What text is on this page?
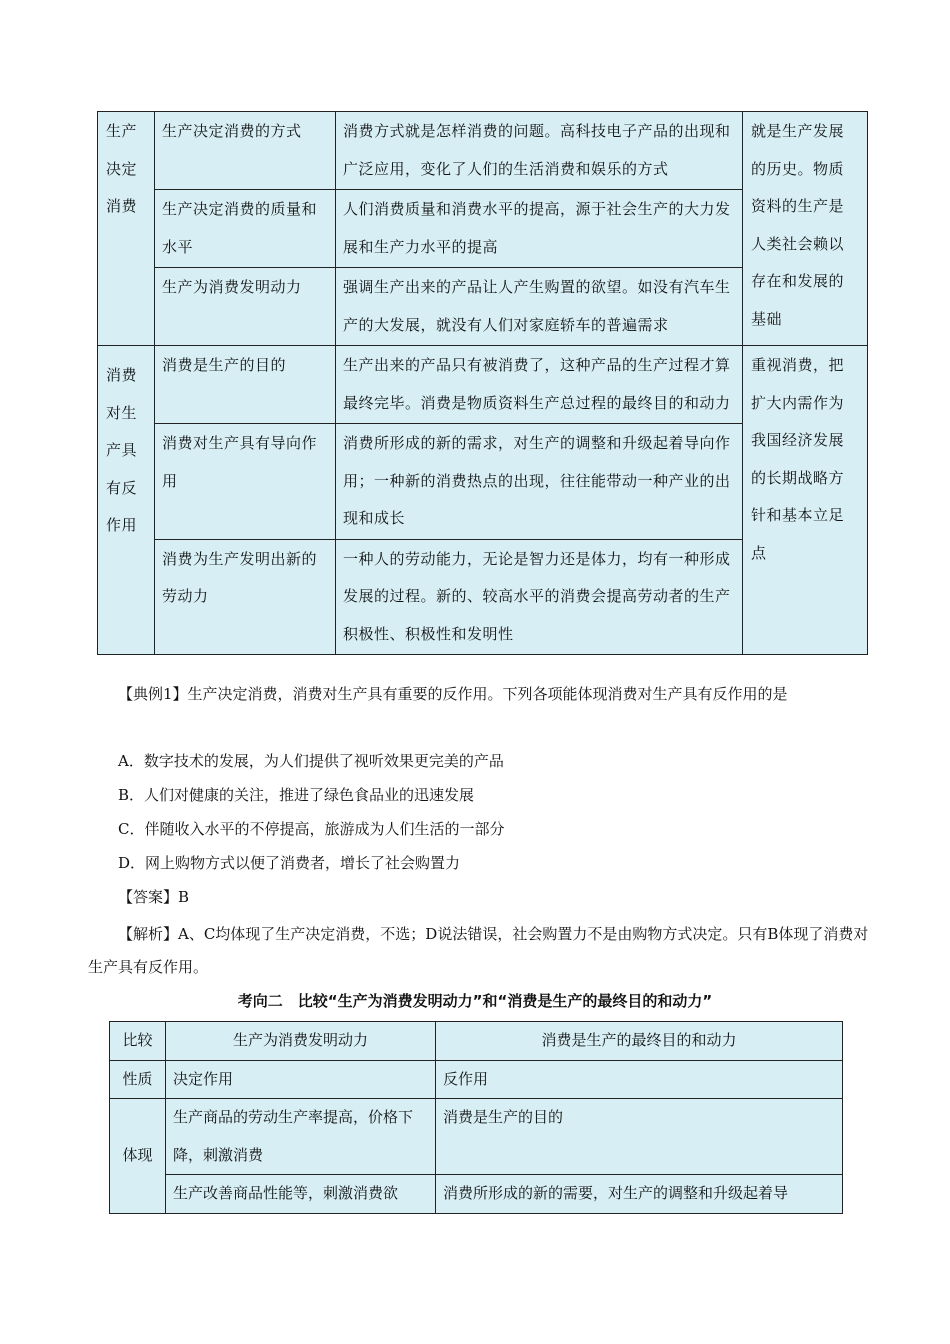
生产决定消费	生产决定消费的方式	消费方式就是怎样消费的问题。高科技电子产品的出现和广泛应用，变化了人们的生活消费和娱乐的方式	就是生产发展的历史。物质资料的生产是人类社会赖以存在和发展的基础
	生产决定消费的质量和水平	人们消费质量和消费水平的提高，源于社会生产的大力发展和生产力水平的提高	
	生产为消费发明动力	强调生产出来的产品让人产生购置的欲望。如没有汽车生产的大发展，就没有人们对家庭轿车的普遍需求	
消费对生产具有反作用	消费是生产的目的	生产出来的产品只有被消费了，这种产品的生产过程才算最终完毕。消费是物质资料生产总过程的最终目的和动力	重视消费，把扩大内需作为我国经济发展的长期战略方针和基本立足点
	消费对生产具有导向作用	消费所形成的新的需求，对生产的调整和升级起着导向作用；一种新的消费热点的出现，往往能带动一种产业的出现和成长	
	消费为生产发明出新的劳动力	一种人的劳动能力，无论是智力还是体力，均有一种形成发展的过程。新的、较高水平的消费会提高劳动者的生产积极性、积极性和发明性	
【典例1】生产决定消费，消费对生产具有重要的反作用。下列各项能体现消费对生产具有反作用的是
A．数字技术的发展，为人们提供了视听效果更完美的产品
B．人们对健康的关注，推进了绿色食品业的迅速发展
C．伴随收入水平的不停提高，旅游成为人们生活的一部分
D．网上购物方式以便了消费者，增长了社会购置力
【答案】B
【解析】A、C均体现了生产决定消费，不选；D说法错误，社会购置力不是由购物方式决定。只有B体现了消费对生产具有反作用。
考向二　比较“生产为消费发明动力”和“消费是生产的最终目的和动力”
比较	生产为消费发明动力	消费是生产的最终目的和动力
性质	决定作用	反作用
体现	生产商品的劳动生产率提高，价格下降，刺激消费	消费是生产的目的
	生产改善商品性能等，刺激消费欲	消费所形成的新的需要，对生产的调整和升级起着导
